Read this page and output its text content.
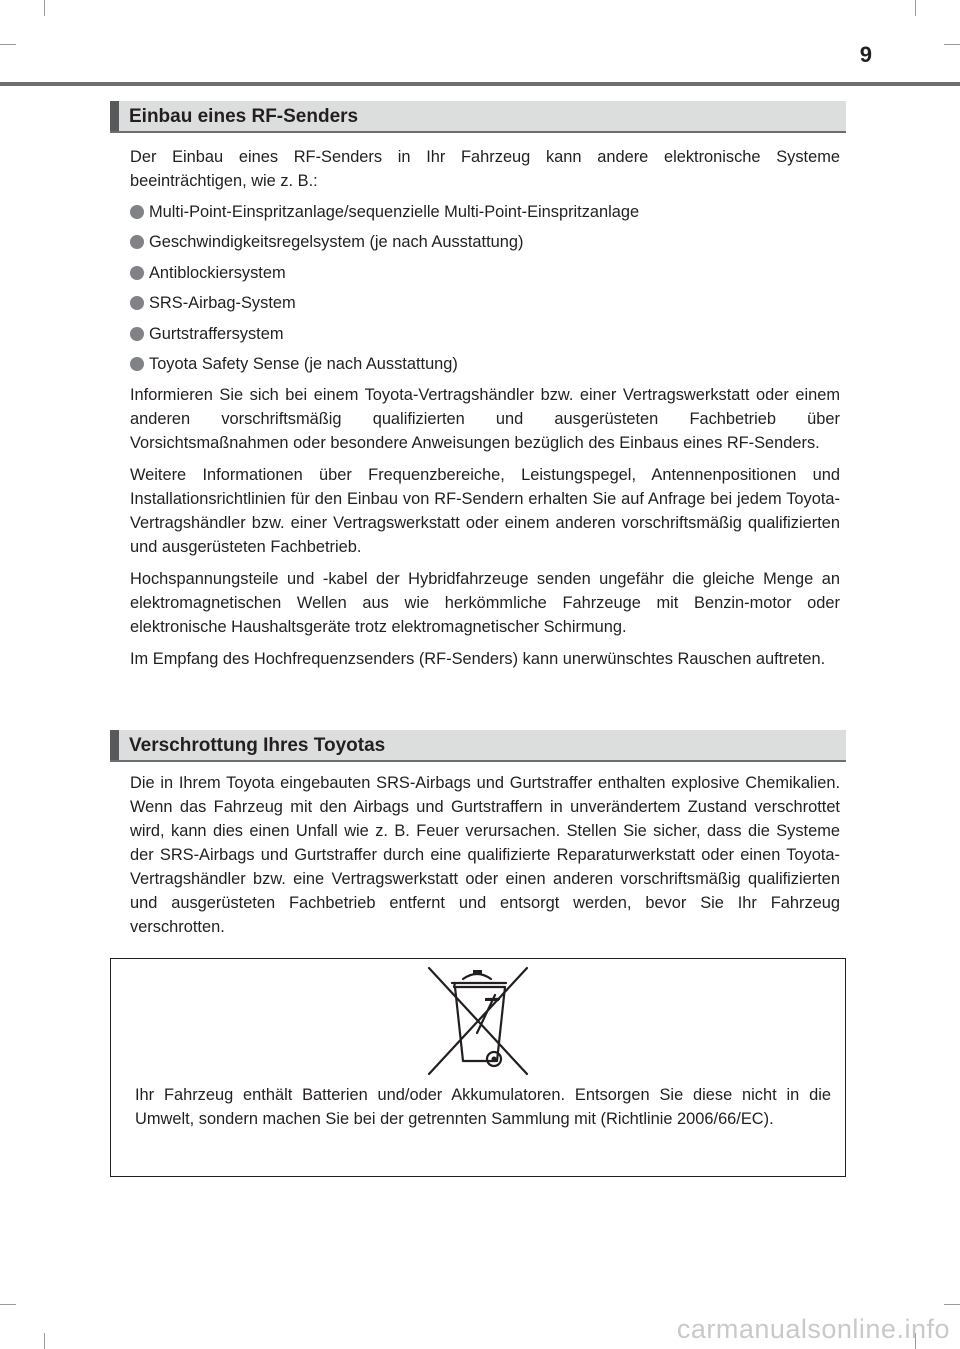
9
Einbau eines RF-Senders

Der Einbau eines RF-Senders in Ihr Fahrzeug kann andere elektronische Systeme beeinträchtigen, wie z. B.:

Multi-Point-Einspritzanlage/sequenzielle Multi-Point-Einspritzanlage
Geschwindigkeitsregelsystem (je nach Ausstattung)
Antiblockiersystem
SRS-Airbag-System
Gurtstraffersystem
Toyota Safety Sense (je nach Ausstattung)

Informieren Sie sich bei einem Toyota-Vertragshändler bzw. einer Vertragswerkstatt oder einem anderen vorschriftsmäßig qualifizierten und ausgerüsteten Fachbetrieb über Vorsichtsmaßnahmen oder besondere Anweisungen bezüglich des Einbaus eines RF-Senders.

Weitere Informationen über Frequenzbereiche, Leistungspegel, Antennenpositionen und Installationsrichtlinien für den Einbau von RF-Sendern erhalten Sie auf Anfrage bei jedem Toyota-Vertragshändler bzw. einer Vertragswerkstatt oder einem anderen vorschriftsmäßig qualifizierten und ausgerüsteten Fachbetrieb.

Hochspannungsteile und -kabel der Hybridfahrzeuge senden ungefähr die gleiche Menge an elektromagnetischen Wellen aus wie herkömmliche Fahrzeuge mit Benzin-motor oder elektronische Haushaltsgeräte trotz elektromagnetischer Schirmung.

Im Empfang des Hochfrequenzsenders (RF-Senders) kann unerwünschtes Rauschen auftreten.

Verschrottung Ihres Toyotas

Die in Ihrem Toyota eingebauten SRS-Airbags und Gurtstraffer enthalten explosive Chemikalien. Wenn das Fahrzeug mit den Airbags und Gurtstraffern in unverändertem Zustand verschrottet wird, kann dies einen Unfall wie z. B. Feuer verursachen. Stellen Sie sicher, dass die Systeme der SRS-Airbags und Gurtstraffer durch eine qualifizierte Reparaturwerkstatt oder einen Toyota-Vertragshändler bzw. eine Vertragswerkstatt oder einen anderen vorschriftsmäßig qualifizierten und ausgerüsteten Fachbetrieb entfernt und entsorgt werden, bevor Sie Ihr Fahrzeug verschrotten.

Ihr Fahrzeug enthält Batterien und/oder Akkumulatoren. Entsorgen Sie diese nicht in die Umwelt, sondern machen Sie bei der getrennten Sammlung mit (Richtlinie 2006/66/EC).
carmanualsonline.info
